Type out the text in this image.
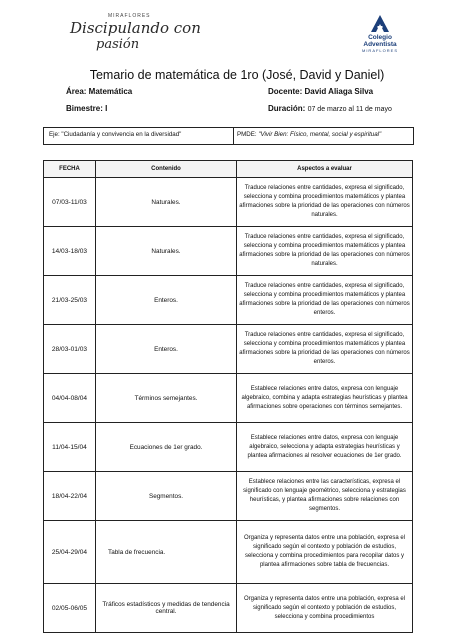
MIRAFLORES
Discipulando con
pasión	Colegio
Adventista
MIRAFLORES
Temario de matemática de 1ro (José, David y Daniel)
Área: Matemática	Docente: David Aliaga Silva
Bimestre: I	Duración: 07 de marzo al 11 de mayo
Eje: "Ciudadanía y convivencia en la diversidad"	PMDE: "Vivir Bien: Físico, mental, social y espiritual"
FECHA	Contenido	Aspectos a evaluar
07/03-11/03	Naturales.	Traduce relaciones entre cantidades, expresa el significado, selecciona y combina procedimientos matemáticos y plantea afirmaciones sobre la prioridad de las operaciones con números naturales.
14/03-18/03	Naturales.	Traduce relaciones entre cantidades, expresa el significado, selecciona y combina procedimientos matemáticos y plantea afirmaciones sobre la prioridad de las operaciones con números naturales.
21/03-25/03	Enteros.	Traduce relaciones entre cantidades, expresa el significado, selecciona y combina procedimientos matemáticos y plantea afirmaciones sobre la prioridad de las operaciones con números enteros.
28/03-01/03	Enteros.	Traduce relaciones entre cantidades, expresa el significado, selecciona y combina procedimientos matemáticos y plantea afirmaciones sobre la prioridad de las operaciones con números enteros.
04/04-08/04	Términos semejantes.	Establece relaciones entre datos, expresa con lenguaje algebraico, combina y adapta estrategias heurísticas y plantea afirmaciones sobre operaciones con términos semejantes.
11/04-15/04	Ecuaciones de 1er grado.	Establece relaciones entre datos, expresa con lenguaje algebraico, selecciona y adapta estrategias heurísticas y plantea afirmaciones al resolver ecuaciones de 1er grado.
18/04-22/04	Segmentos.	Establece relaciones entre las características, expresa el significado con lenguaje geométrico, selecciona y estrategias heurísticas, y plantea afirmaciones sobre relaciones con segmentos.
25/04-29/04	Tabla de frecuencia.	Organiza y representa datos entre una población, expresa el significado según el contexto y población de estudios, selecciona y combina procedimientos para recopilar datos y plantea afirmaciones sobre tabla de frecuencias.
02/05-06/05	Tráficos estadísticos y medidas de tendencia central.	Organiza y representa datos entre una población, expresa el significado según el contexto y población de estudios, selecciona y combina procedimientos
